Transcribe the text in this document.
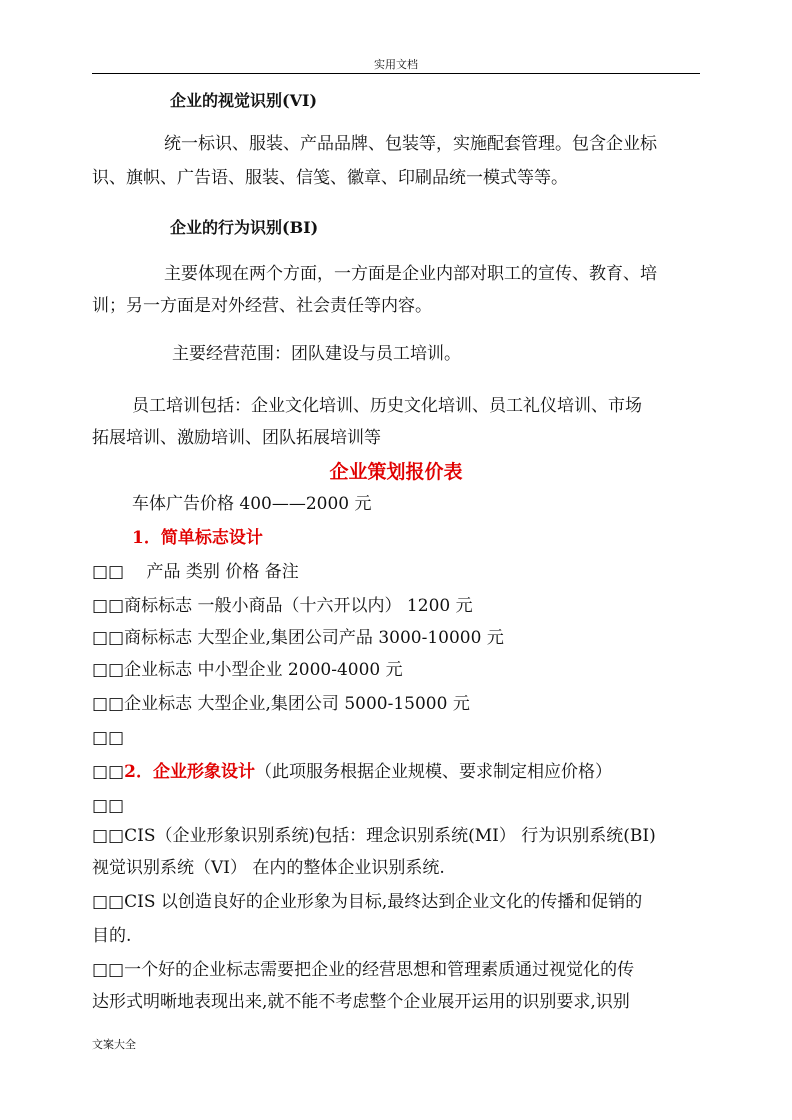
实用文档
企业的视觉识别(VI)
统一标识、服装、产品品牌、包装等，实施配套管理。包含企业标
识、旗帜、广告语、服装、信笺、徽章、印刷品统一模式等等。
企业的行为识别(BI)
主要体现在两个方面，一方面是企业内部对职工的宣传、教育、培
训；另一方面是对外经营、社会责任等内容。
主要经营范围：团队建设与员工培训。
员工培训包括：企业文化培训、历史文化培训、员工礼仪培训、市场
拓展培训、激励培训、团队拓展培训等
企业策划报价表
车体广告价格 400——2000 元
1．简单标志设计
□□　 产品 类别 价格 备注
□□商标标志 一般小商品（十六开以内） 1200 元
□□商标标志 大型企业,集团公司产品 3000-10000 元
□□企业标志 中小型企业 2000-4000 元
□□企业标志 大型企业,集团公司 5000-15000 元
□□
□□2．企业形象设计（此项服务根据企业规模、要求制定相应价格）
□□
□□CIS（企业形象识别系统)包括：理念识别系统(MI） 行为识别系统(BI)
视觉识别系统（VI） 在内的整体企业识别系统.
□□CIS 以创造良好的企业形象为目标,最终达到企业文化的传播和促销的
目的.
□□一个好的企业标志需要把企业的经营思想和管理素质通过视觉化的传
达形式明晰地表现出来,就不能不考虑整个企业展开运用的识别要求,识别
文案大全
